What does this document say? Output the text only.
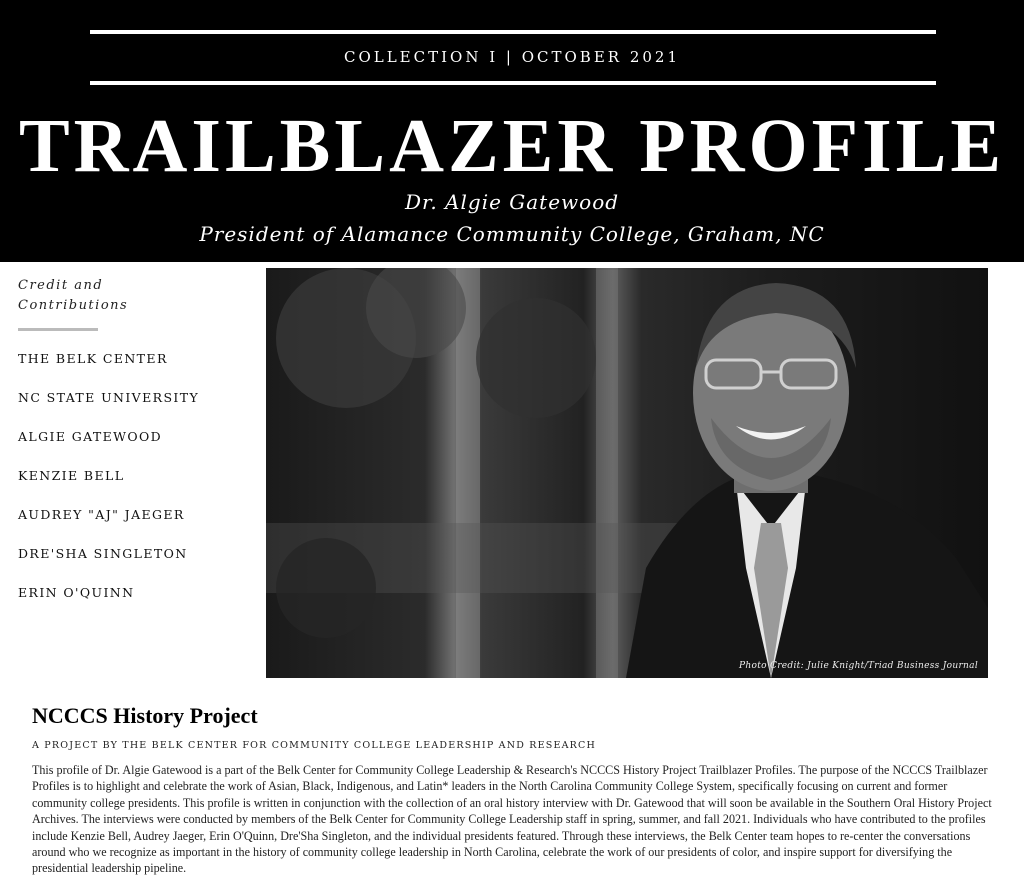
COLLECTION I | OCTOBER 2021
TRAILBLAZER PROFILE
Dr. Algie Gatewood
President of Alamance Community College, Graham, NC
Credit and
Contributions
THE BELK CENTER
NC STATE UNIVERSITY
ALGIE GATEWOOD
KENZIE BELL
AUDREY "AJ" JAEGER
DRE'SHA SINGLETON
ERIN O'QUINN
Photo Credit: Julie Knight/Triad Business Journal
NCCCS History Project
A PROJECT BY THE BELK CENTER FOR COMMUNITY COLLEGE LEADERSHIP AND RESEARCH
This profile of Dr. Algie Gatewood is a part of the Belk Center for Community College Leadership & Research's NCCCS History Project Trailblazer Profiles. The purpose of the NCCCS Trailblazer Profiles is to highlight and celebrate the work of Asian, Black, Indigenous, and Latin* leaders in the North Carolina Community College System, specifically focusing on current and former community college presidents. This profile is written in conjunction with the collection of an oral history interview with Dr. Gatewood that will soon be available in the Southern Oral History Project Archives. The interviews were conducted by members of the Belk Center for Community College Leadership staff in spring, summer, and fall 2021. Individuals who have contributed to the profiles include Kenzie Bell, Audrey Jaeger, Erin O'Quinn, Dre'Sha Singleton, and the individual presidents featured. Through these interviews, the Belk Center team hopes to re-center the conversations around who we recognize as important in the history of community college leadership in North Carolina, celebrate the work of our presidents of color, and inspire support for diversifying the presidential leadership pipeline.
